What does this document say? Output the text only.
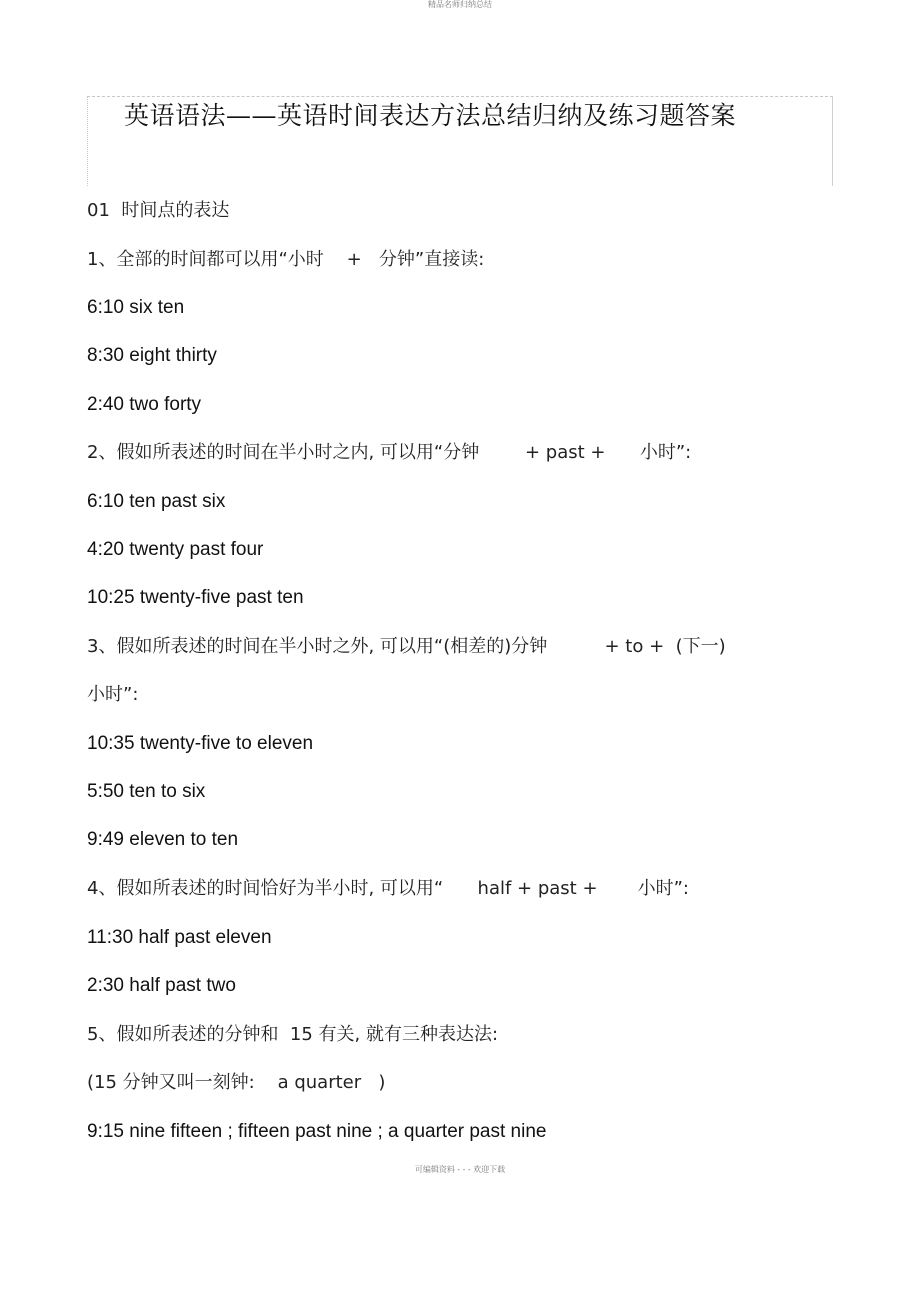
精品名师归纳总结
英语语法——英语时间表达方法总结归纳及练习题答案
01  时间点的表达
1、全部的时间都可以用“小时    +   分钟”直接读:
6:10 six ten
8:30 eight thirty
2:40 two forty
2、假如所表述的时间在半小时之内, 可以用“分钟        + past +      小时”:
6:10 ten past six
4:20 twenty past four
10:25 twenty-five past ten
3、假如所表述的时间在半小时之外, 可以用“(相差的)分钟          + to +  (下一)
小时”:
10:35 twenty-five to eleven
5:50 ten to six
9:49 eleven to ten
4、假如所表述的时间恰好为半小时, 可以用“      half + past +       小时”:
11:30 half past eleven
2:30 half past two
5、假如所表述的分钟和  15 有关, 就有三种表达法:
(15 分钟又叫一刻钟:    a quarter   )
9:15 nine fifteen ; fifteen past nine ; a quarter past nine
可编辑资料 - - - 欢迎下载
